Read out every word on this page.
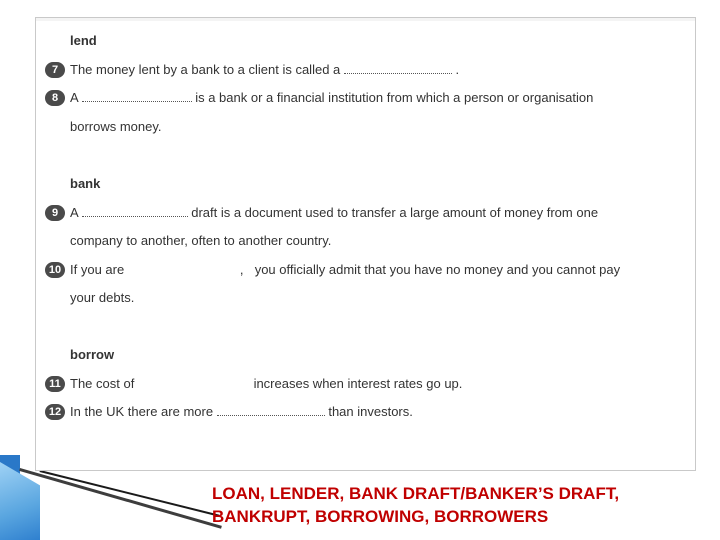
lend
7 The money lent by a bank to a client is called a	.
8 A	is a bank or a financial institution from which a person or organisation
borrows money.
bank
9 A	draft is a document used to transfer a large amount of money from one
company to another, often to another country.
10 If you are	, you officially admit that you have no money and you cannot pay
your debts.
borrow
11 The cost of	increases when interest rates go up.
12 In the UK there are more	than investors.
LOAN, LENDER, BANK DRAFT/BANKER’S DRAFT, BANKRUPT, BORROWING, BORROWERS
